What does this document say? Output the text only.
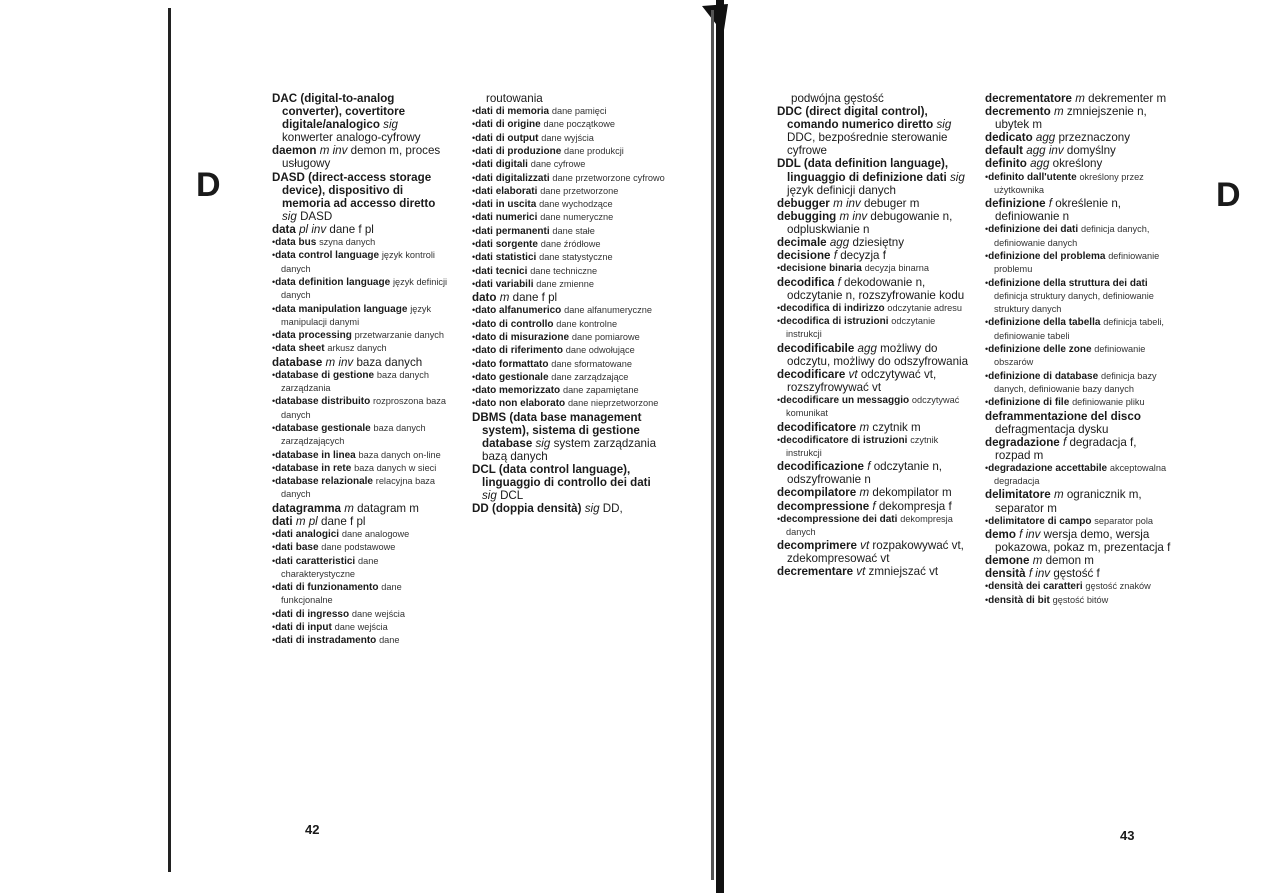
D	D

DAC (digital-to-analog converter), covertitore digitale/analogico sig konwerter analogo-cyfrowy

daemon m inv demon m, proces usługowy

DASD (direct-access storage device), dispositivo di memoria ad accesso diretto sig DASD

data pl inv dane f pl

• data bus szyna danych

• data control language język kontroli danych

• data definition language język definicji danych

• data manipulation language język manipulacji danymi

• data processing przetwarzanie danych

• data sheet arkusz danych

database m inv baza danych

• database di gestione baza danych zarządzania

• database distribuito rozproszona baza danych

• database gestionale baza danych zarządzających

• database in linea baza danych on-line

• database in rete baza danych w sieci

• database relazionale relacyjna baza danych

datagramma m datagram m

dati m pl dane f pl

• dati analogici dane analogowe

• dati base dane podstawowe

• dati caratteristici dane charakterystyczne

• dati di funzionamento dane funkcjonalne

• dati di ingresso dane wejścia

• dati di input dane wejścia

• dati di instradamento dane

routowania

• dati di memoria dane pamięci

• dati di origine dane początkowe

• dati di output dane wyjścia

• dati di produzione dane produkcji

• dati digitali dane cyfrowe

• dati digitalizzati dane przetworzone cyfrowo

• dati elaborati dane przetworzone

• dati in uscita dane wychodzące

• dati numerici dane numeryczne

• dati permanenti dane stałe

• dati sorgente dane źródłowe

• dati statistici dane statystyczne

• dati tecnici dane techniczne

• dati variabili dane zmienne

dato m dane f pl

• dato alfanumerico dane alfanumeryczne

• dato di controllo dane kontrolne

• dato di misurazione dane pomiarowe

• dato di riferimento dane odwołujące

• dato formattato dane sformatowane

• dato gestionale dane zarządzające

• dato memorizzato dane zapamiętane

• dato non elaborato dane nieprzetworzone

DBMS (data base management system), sistema di gestione database sig system zarządzania bazą danych

DCL (data control language), linguaggio di controllo dei dati sig DCL

DD (doppia densità) sig DD,

podwójna gęstość

DDC (direct digital control), comando numerico diretto sig DDC, bezpośrednie sterowanie cyfrowe

DDL (data definition language), linguaggio di definizione dati sig język definicji danych

debugger m inv debuger m

debugging m inv debugowanie n, odpluskwianie n

decimale agg dziesiętny

decisione f decyzja f

• decisione binaria decyzja binarna

decodifica f dekodowanie n, odczytanie n, rozszyfrowanie kodu

• decodifica di indirizzo odczytanie adresu

• decodifica di istruzioni odczytanie instrukcji

decodificabile agg możliwy do odczytu, możliwy do odszyfrowania

decodificare vt odczytywać vt, rozszyfrowywać vt

• decodificare un messaggio odczytywać komunikat

decodificatore m czytnik m

• decodificatore di istruzioni czytnik instrukcji

decodificazione f odczytanie n, odszyfrowanie n

decompilatore m dekompilator m

decompressione f dekompresja f

• decompressione dei dati dekompresja danych

decomprimere vt rozpakowywać vt, zdekompresować vt

decrementare vt zmniejszać vt

decrementatore m dekrementer m

decremento m zmniejszenie n, ubytek m

dedicato agg przeznaczony

default agg inv domyślny

definito agg określony

• definito dall'utente określony przez użytkownika

definizione f określenie n, definiowanie n

• definizione dei dati definicja danych, definiowanie danych

• definizione del problema definiowanie problemu

• definizione della struttura dei dati definicja struktury danych, definiowanie struktury danych

• definizione della tabella definicja tabeli, definiowanie tabeli

• definizione delle zone definiowanie obszarów

• definizione di database definicja bazy danych, definiowanie bazy danych

• definizione di file definiowanie pliku

deframmentazione del disco defragmentacja dysku

degradazione f degradacja f, rozpad m

• degradazione accettabile akceptowalna degradacja

delimitatore m ogranicznik m, separator m

• delimitatore di campo separator pola

demo f inv wersja demo, wersja pokazowa, pokaz m, prezentacja f

demone m demon m

densità f inv gęstość f

• densità dei caratteri gęstość znaków

• densità di bit gęstość bitów

42	43
